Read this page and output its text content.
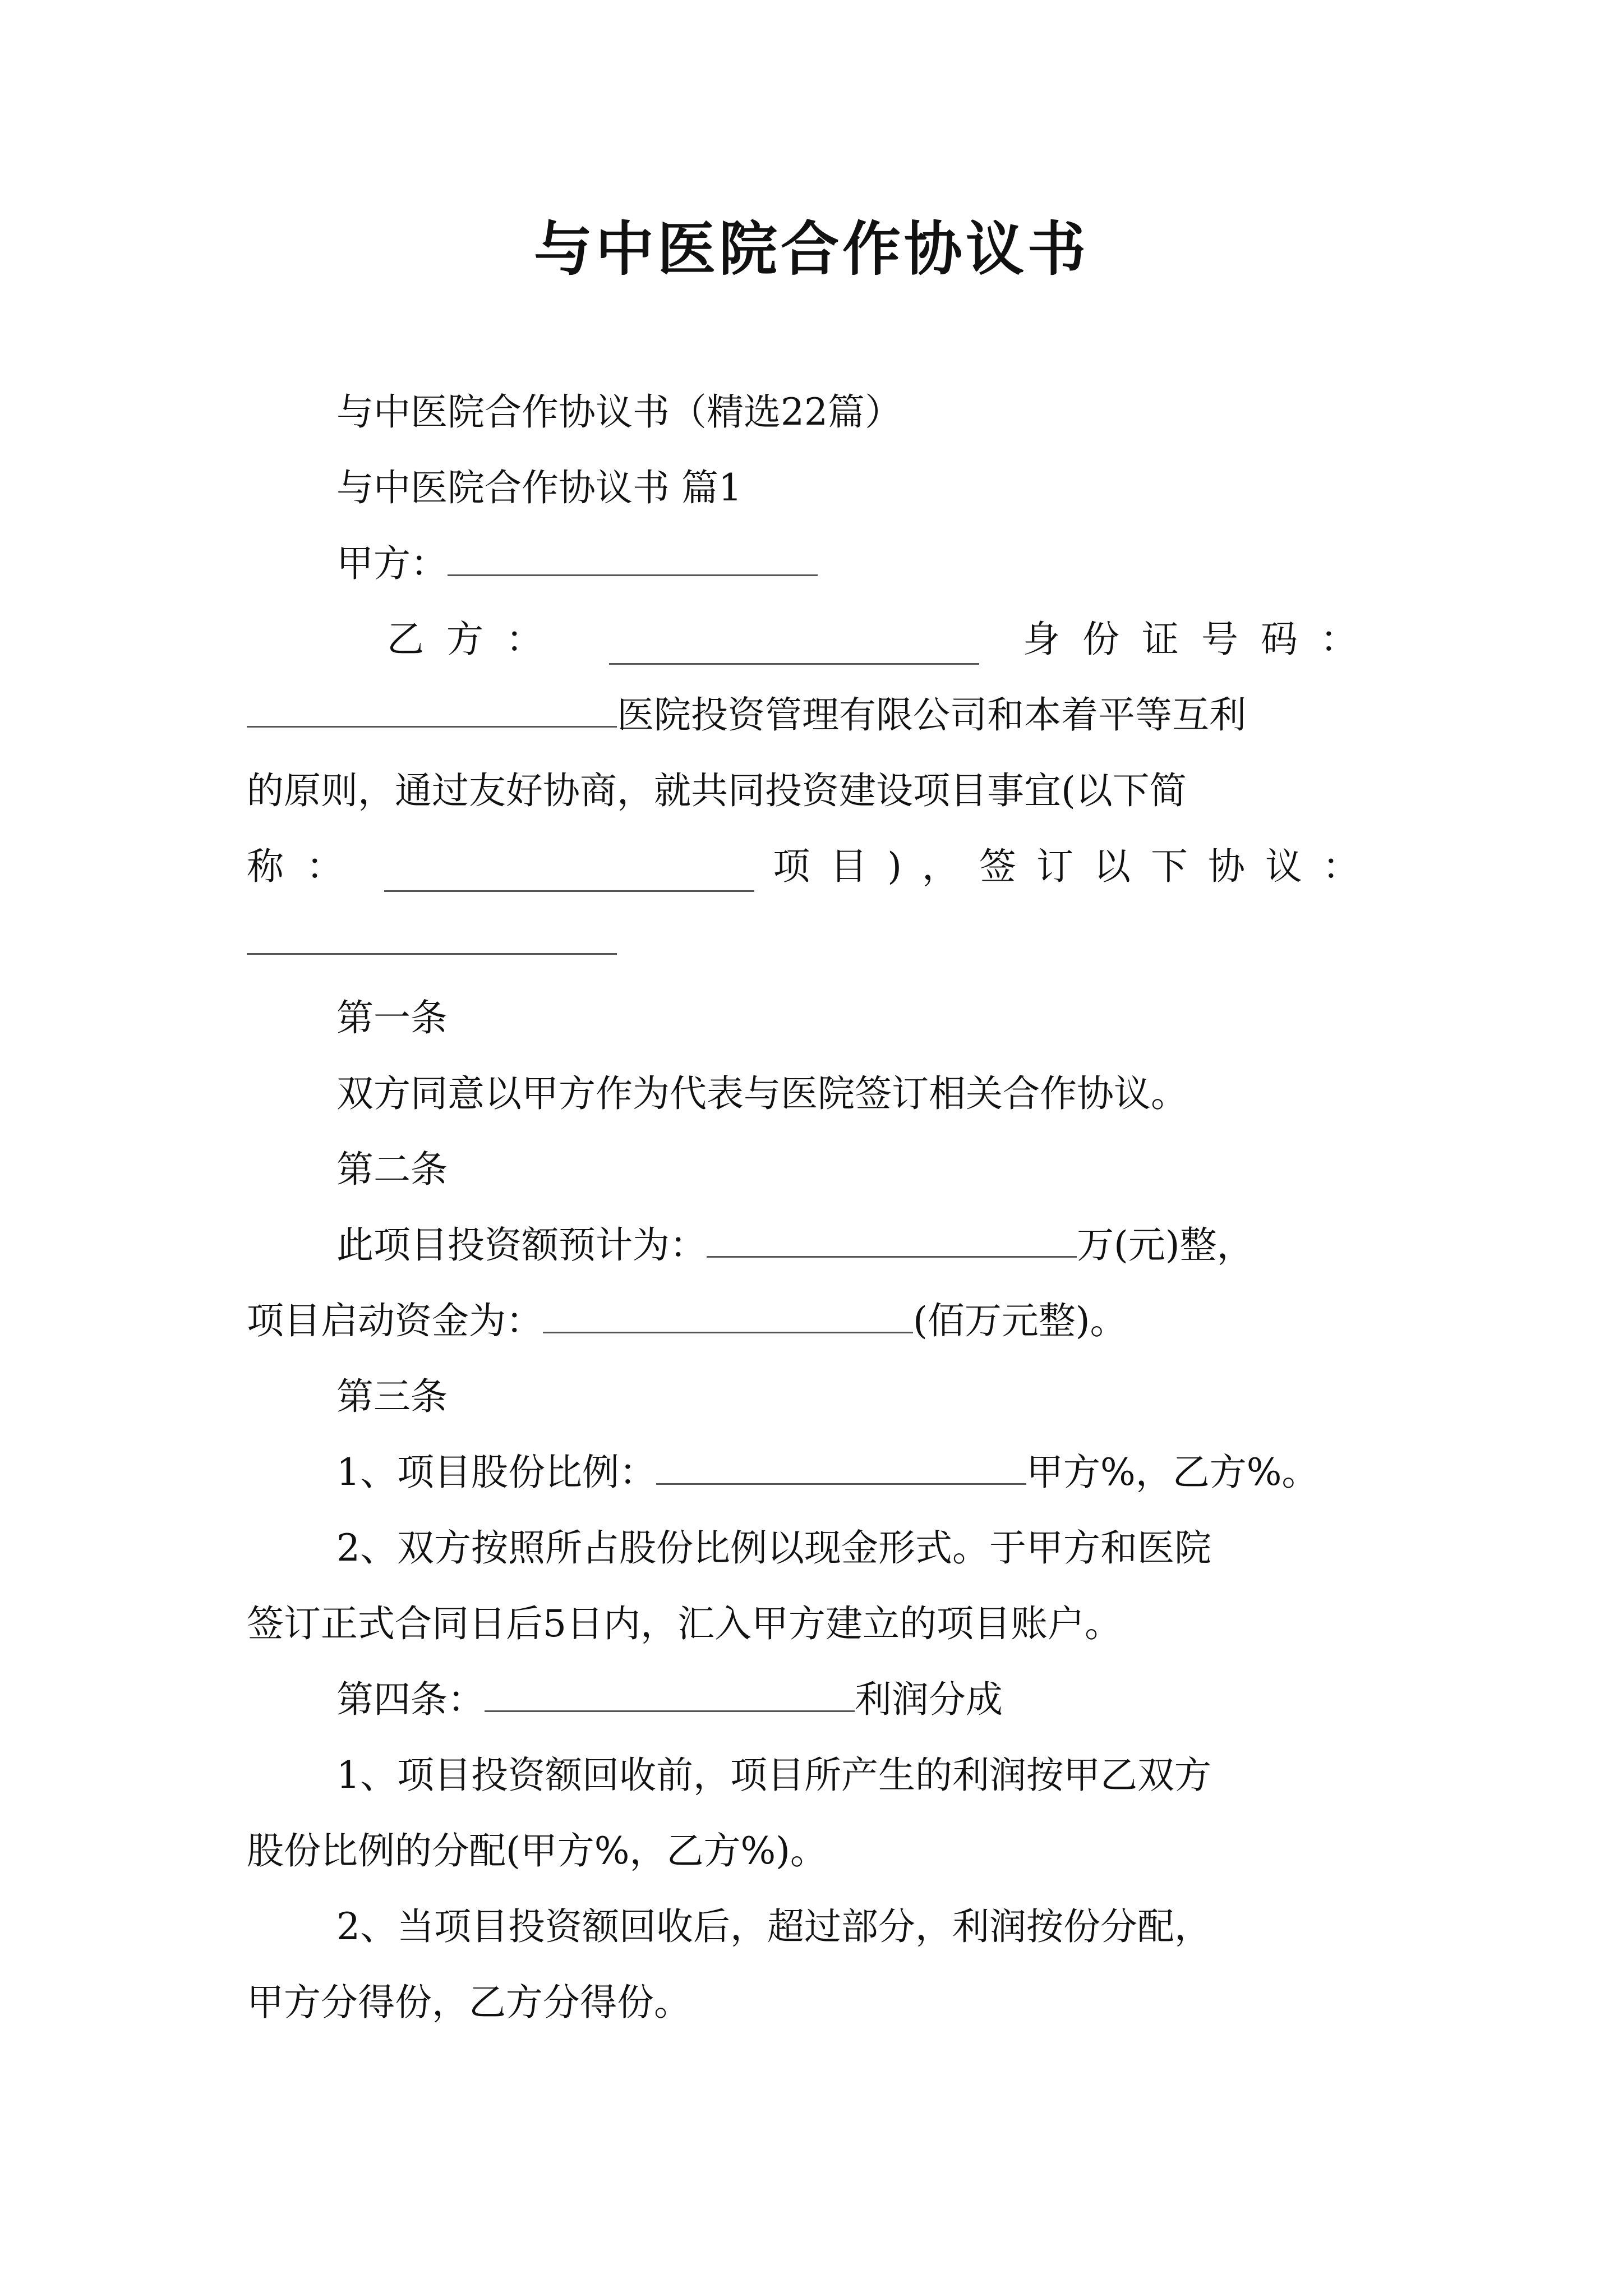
与中医院合作协议书
与中医院合作协议书（精选22篇）
与中医院合作协议书 篇1
甲方：
乙方：	身份证号码：
医院投资管理有限公司和本着平等互利
的原则，通过友好协商，就共同投资建设项目事宜(以下简
称：	项目)，签订以下协议：
第一条
双方同意以甲方作为代表与医院签订相关合作协议。
第二条
此项目投资额预计为：	万(元)整，
项目启动资金为：	(佰万元整)。
第三条
1、项目股份比例：	甲方%，乙方%。
2、双方按照所占股份比例以现金形式。于甲方和医院
签订正式合同日后5日内，汇入甲方建立的项目账户。
第四条：	利润分成
1、项目投资额回收前，项目所产生的利润按甲乙双方
股份比例的分配(甲方%，乙方%)。
2、当项目投资额回收后，超过部分，利润按份分配，
甲方分得份，乙方分得份。
